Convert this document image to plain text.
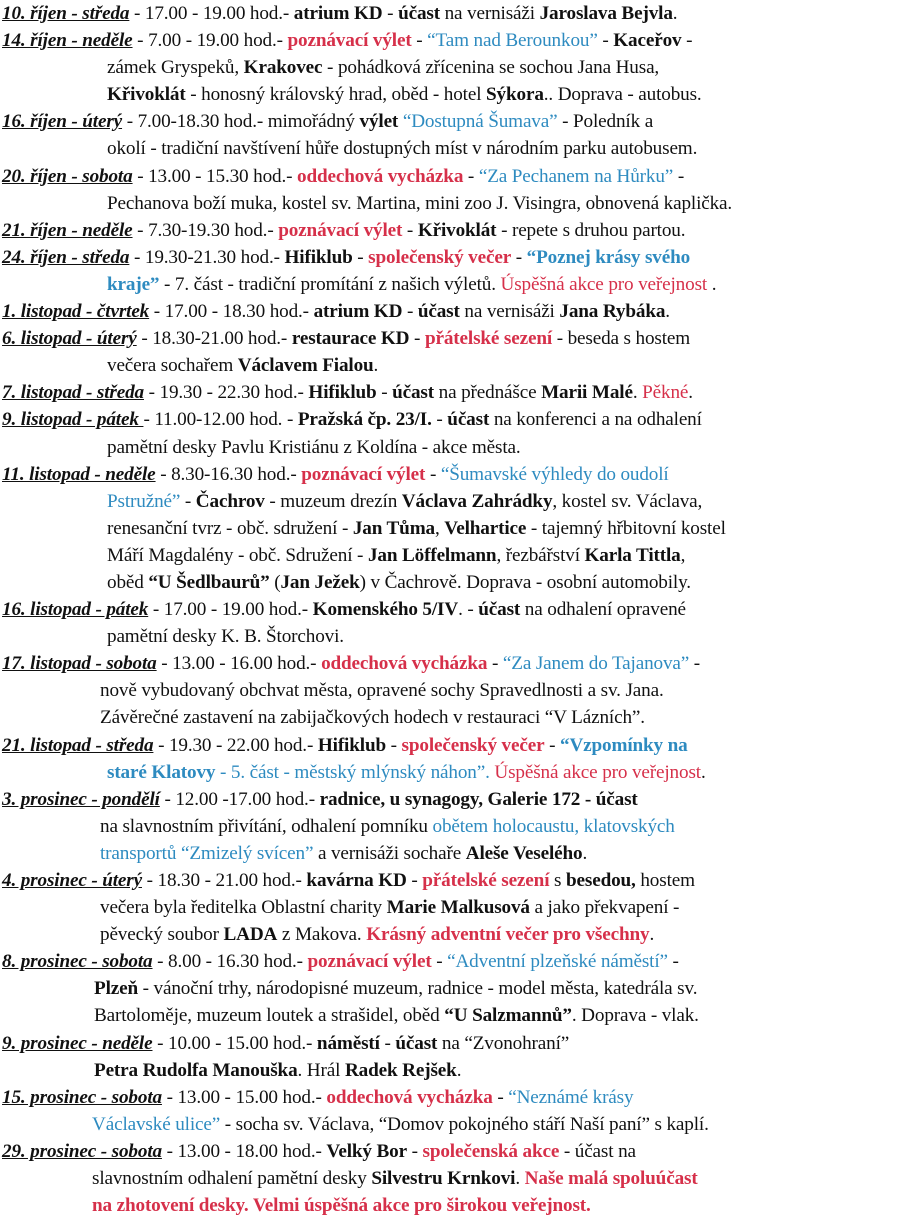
10. říjen - středa - 17.00 - 19.00 hod.- atrium KD - účast na vernisáži Jaroslava Bejvla.
14. říjen - neděle - 7.00 - 19.00 hod.- poznávací výlet - “Tam nad Berounkou” - Kaceřov -
zámek Gryspeků, Krakovec - pohádková zřícenina se sochou Jana Husa,
Křivoklát - honosný královský hrad, oběd - hotel Sýkora.. Doprava - autobus.
16. říjen - úterý - 7.00-18.30 hod.- mimořádný výlet “Dostupná Šumava” - Poledník a
okolí - tradiční navštívení hůře dostupných míst v národním parku autobusem.
20. říjen - sobota - 13.00 - 15.30 hod.- oddechová vycházka - “Za Pechanem na Hůrku” -
Pechanova boží muka, kostel sv. Martina, mini zoo J. Visingra, obnovená kaplička.
21. říjen - neděle - 7.30-19.30 hod.- poznávací výlet - Křivoklát - repete s druhou partou.
24. říjen - středa - 19.30-21.30 hod.- Hifiklub - společenský večer - “Poznej krásy svého
kraje” - 7. část - tradiční promítání z našich výletů. Úspěšná akce pro veřejnost .
1. listopad - čtvrtek - 17.00 - 18.30 hod.- atrium KD - účast na vernisáži Jana Rybáka.
6. listopad - úterý - 18.30-21.00 hod.- restaurace KD - přátelské sezení - beseda s hostem
večera sochařem Václavem Fialou.
7. listopad - středa - 19.30 - 22.30 hod.- Hifiklub - účast na přednášce Marii Malé. Pěkné.
9. listopad - pátek - 11.00-12.00 hod. - Pražská čp. 23/I. - účast na konferenci a na odhalení
pamětní desky Pavlu Kristiánu z Koldína - akce města.
11. listopad - neděle - 8.30-16.30 hod.- poznávací výlet - “Šumavské výhledy do oudolí
Pstružné” - Čachrov - muzeum drezín Václava Zahrádky, kostel sv. Václava,
renesanční tvrz - obč. sdružení - Jan Tůma, Velhartice - tajemný hřbitovní kostel
Máří Magdalény - obč. Sdružení - Jan Löffelmann, řezbářství Karla Tittla,
oběd “U Šedlbaurů” (Jan Ježek) v Čachrově. Doprava - osobní automobily.
16. listopad - pátek - 17.00 - 19.00 hod.- Komenského 5/IV. - účast na odhalení opravené
pamětní desky K. B. Štorchovi.
17. listopad - sobota - 13.00 - 16.00 hod.- oddechová vycházka - “Za Janem do Tajanova” -
nově vybudovaný obchvat města, opravené sochy Spravedlnosti a sv. Jana.
Závěrečné zastavení na zabijačkových hodech v restauraci “V Lázních”.
21. listopad - středa - 19.30 - 22.00 hod.- Hifiklub - společenský večer - “Vzpomínky na
staré Klatovy - 5. část - městský mlýnský náhon”. Úspěšná akce pro veřejnost.
3. prosinec - pondělí - 12.00 -17.00 hod.- radnice, u synagogy, Galerie 172 - účast
na slavnostním přivítání, odhalení pomníku obětem holocaustu, klatovských
transportů “Zmizelý svícen” a vernisáži sochaře Aleše Veselého.
4. prosinec - úterý - 18.30 - 21.00 hod.- kavárna KD - přátelské sezení s besedou, hostem
večera byla ředitelka Oblastní charity Marie Malkusová a jako překvapení -
pěvecký soubor LADA z Makova. Krásný adventní večer pro všechny.
8. prosinec - sobota - 8.00 - 16.30 hod.- poznávací výlet - “Adventní plzeňské náměstí” -
Plzeň - vánoční trhy, národopisné muzeum, radnice - model města, katedrála sv.
Bartoloměje, muzeum loutek a strašidel, oběd “U Salzmannů”. Doprava - vlak.
9. prosinec - neděle - 10.00 - 15.00 hod.- náměstí - účast na “Zvonohraní”
Petra Rudolfa Manouška. Hrál Radek Rejšek.
15. prosinec - sobota - 13.00 - 15.00 hod.- oddechová vycházka - “Neznámé krásy
Václavské ulice” - socha sv. Václava, “Domov pokojného stáří Naší paní” s kaplí.
29. prosinec - sobota - 13.00 - 18.00 hod.- Velký Bor - společenská akce - účast na
slavnostním odhalení pamětní desky Silvestru Krnkovi. Naše malá spoluúčast
na zhotovení desky. Velmi úspěšná akce pro širokou veřejnost.
